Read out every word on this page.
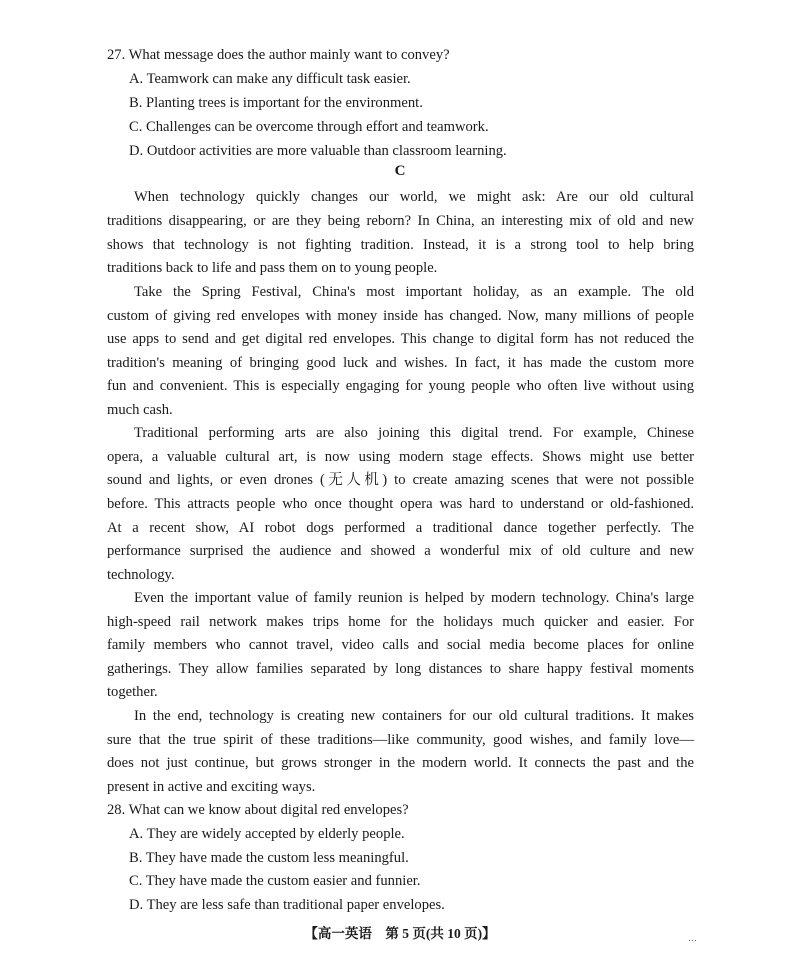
27. What message does the author mainly want to convey?
A. Teamwork can make any difficult task easier.
B. Planting trees is important for the environment.
C. Challenges can be overcome through effort and teamwork.
D. Outdoor activities are more valuable than classroom learning.
C
When technology quickly changes our world, we might ask: Are our old cultural
traditions disappearing, or are they being reborn? In China, an interesting mix of old and new
shows that technology is not fighting tradition. Instead, it is a strong tool to help bring
traditions back to life and pass them on to young people.
Take the Spring Festival, China's most important holiday, as an example. The old
custom of giving red envelopes with money inside has changed. Now, many millions of people
use apps to send and get digital red envelopes. This change to digital form has not reduced the
tradition's meaning of bringing good luck and wishes. In fact, it has made the custom more
fun and convenient. This is especially engaging for young people who often live without using
much cash.
Traditional performing arts are also joining this digital trend. For example, Chinese
opera, a valuable cultural art, is now using modern stage effects. Shows might use better
sound and lights, or even drones (无人机) to create amazing scenes that were not possible
before. This attracts people who once thought opera was hard to understand or old-fashioned.
At a recent show, AI robot dogs performed a traditional dance together perfectly. The
performance surprised the audience and showed a wonderful mix of old culture and new
technology.
Even the important value of family reunion is helped by modern technology. China's large
high-speed rail network makes trips home for the holidays much quicker and easier. For
family members who cannot travel, video calls and social media become places for online
gatherings. They allow families separated by long distances to share happy festival moments
together.
In the end, technology is creating new containers for our old cultural traditions. It makes
sure that the true spirit of these traditions—like community, good wishes, and family love—
does not just continue, but grows stronger in the modern world. It connects the past and the
present in active and exciting ways.
28. What can we know about digital red envelopes?
A. They are widely accepted by elderly people.
B. They have made the custom less meaningful.
C. They have made the custom easier and funnier.
D. They are less safe than traditional paper envelopes.
【高一英语　第 5 页(共 10 页)】	…
